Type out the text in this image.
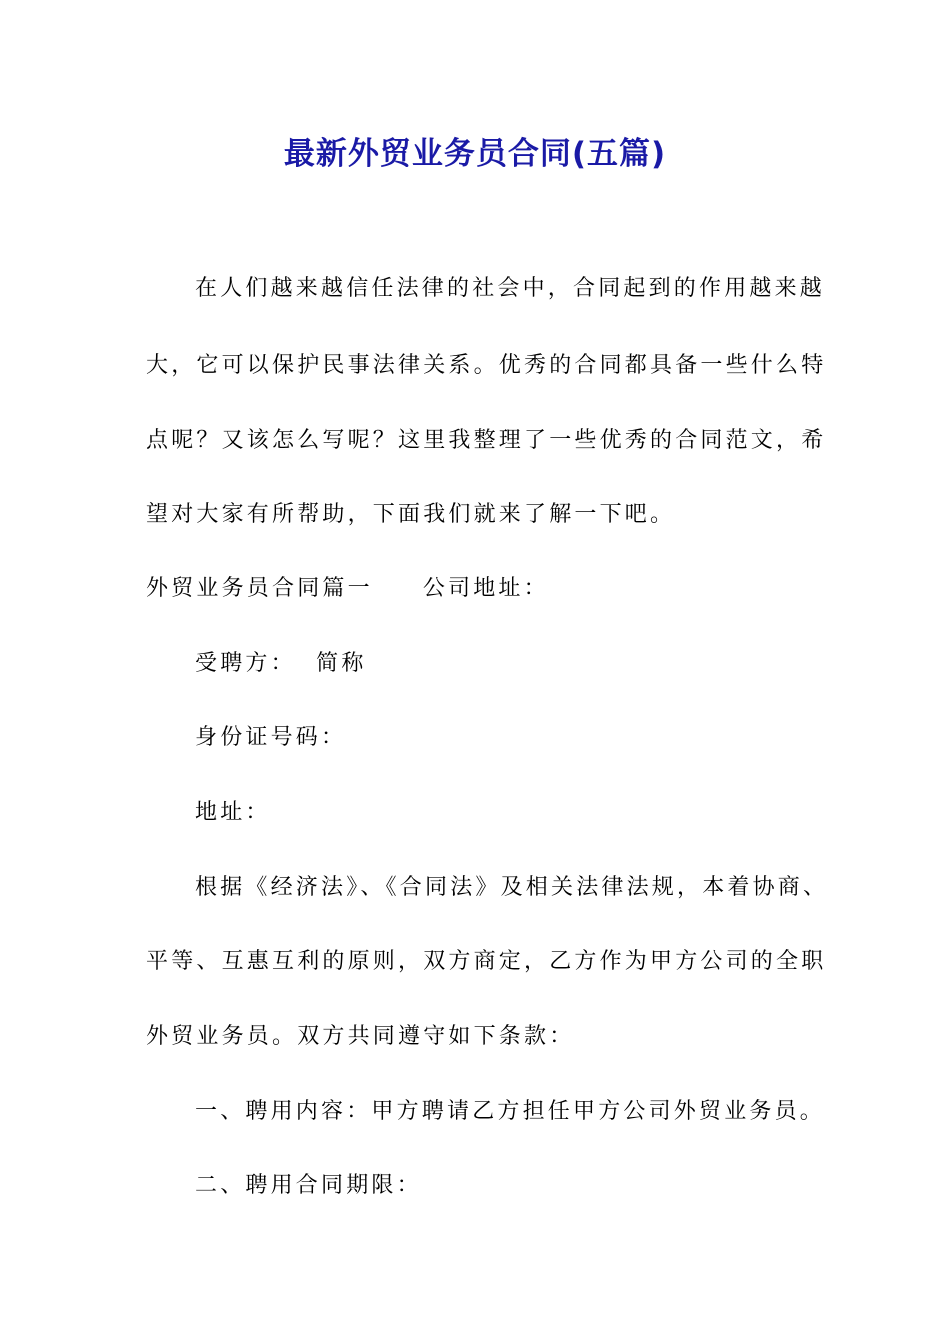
最新外贸业务员合同(五篇)
在人们越来越信任法律的社会中，合同起到的作用越来越
大，它可以保护民事法律关系。优秀的合同都具备一些什么特
点呢？又该怎么写呢？这里我整理了一些优秀的合同范文，希
望对大家有所帮助，下面我们就来了解一下吧。
外贸业务员合同篇一 公司地址：
受聘方：  简称
身份证号码：
地址：
根据《经济法》、《合同法》及相关法律法规，本着协商、
平等、互惠互利的原则，双方商定，乙方作为甲方公司的全职
外贸业务员。双方共同遵守如下条款：
一、聘用内容：甲方聘请乙方担任甲方公司外贸业务员。
二、聘用合同期限：
